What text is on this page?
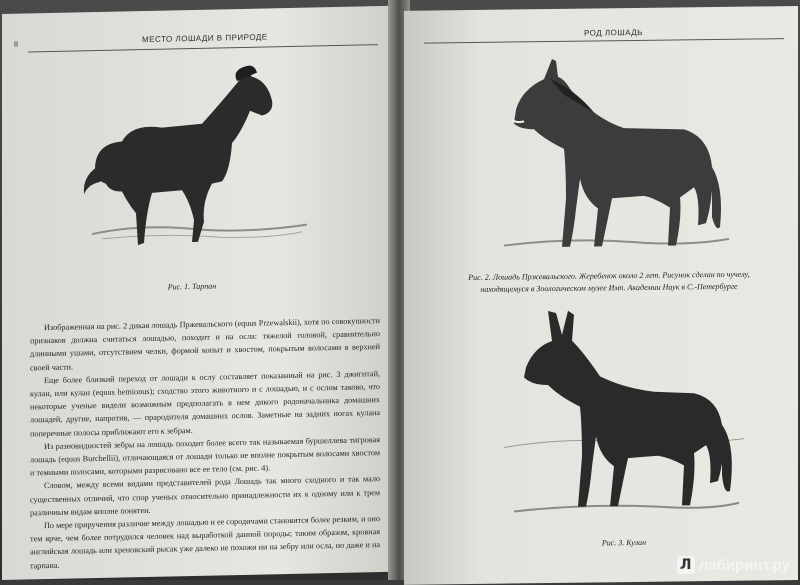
8
МЕСТО ЛОШАДИ В ПРИРОДЕ
Рис. 1. Тарпан

Изображенная на рис. 2 дикая лошадь Пржевальского (equus Przewalskii), хотя по совокупности признаков должна считаться лошадью, походит и на осла: тяжелой головой, сравнительно длинными ушами, отсутствием челки, формой копыт и хвостом, покрытым волосами в верхней своей части.

Еще более близкий переход от лошади к ослу составляет показанный на рис. 3 джигитай, кулан, или кулан (equus hemionus); сходство этого животного и с лошадью, и с ослом таково, что некоторые ученые видели возможным предполагать в нем дикого родоначальника домашних лошадей, другие, напротив, — прародителя домашних ослов. Заметные на задних ногах кулана поперечные полосы приближают его к зебрам.

Из разновидностей зебры на лошадь походит более всего так называемая буршеллева тигровая лошадь (equus Burchellii), отличающаяся от лошади только не вполне покрытым волосами хвостом и темными полосами, которыми разрисовано все ее тело (см. рис. 4).

Словом, между всеми видами представителей рода Лошадь так много сходного и так мало существенных отличий, что спор ученых относительно принадлежности их к одному или к трем различным видам вполне понятен.

По мере приручения различие между лошадью и ее сородичами становится более резким, и оно тем ярче, чем более потрудился человек над выработкой данной породы; таким образом, кровная английская лошадь или хреновский рысак уже далеко не похожи ни на зебру или осла, но даже и на тарпана.

РОД ЛОШАДЬ
Рис. 2. Лошадь Пржевальского. Жеребенок около 2 лет. Рисунок сделан по чучелу, находящемуся в Зоологическом музее Имп. Академии Наук в С.-Петербурге
Рис. 3. Кулан
Л лабиринт.ру
